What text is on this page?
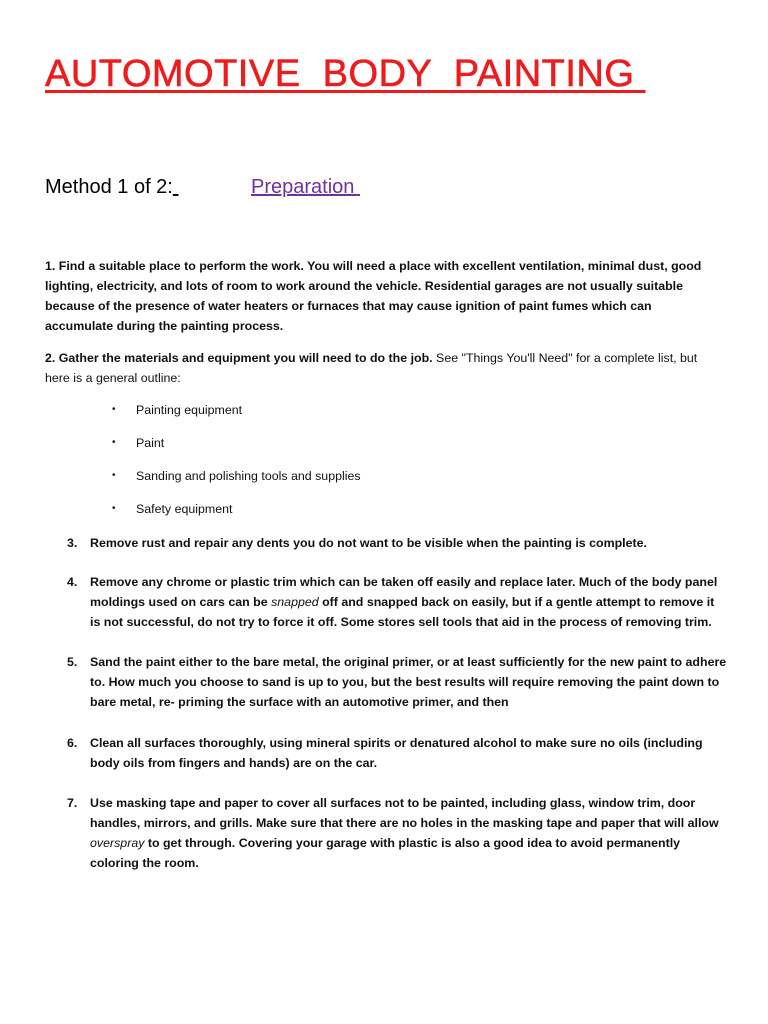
AUTOMOTIVE  BODY  PAINTING
Method 1 of 2:	Preparation

1. Find a suitable place to perform the work. You will need a place with excellent ventilation, minimal dust, good lighting, electricity, and lots of room to work around the vehicle. Residential garages are not usually suitable because of the presence of water heaters or furnaces that may cause ignition of paint fumes which can accumulate during the painting process.

2. Gather the materials and equipment you will need to do the job. See "Things You'll Need" for a complete list, but here is a general outline:

• Painting equipment
• Paint
• Sanding and polishing tools and supplies
• Safety equipment
3.	Remove rust and repair any dents you do not want to be visible when the painting is complete.
4.	Remove any chrome or plastic trim which can be taken off easily and replace later. Much of the body panel moldings used on cars can be snapped off and snapped back on easily, but if a gentle attempt to remove it is not successful, do not try to force it off. Some stores sell tools that aid in the process of removing trim.
5.	Sand the paint either to the bare metal, the original primer, or at least sufficiently for the new paint to adhere to. How much you choose to sand is up to you, but the best results will require removing the paint down to bare metal, re- priming the surface with an automotive primer, and then
6.	Clean all surfaces thoroughly, using mineral spirits or denatured alcohol to make sure no oils (including body oils from fingers and hands) are on the car.
7.	Use masking tape and paper to cover all surfaces not to be painted, including glass, window trim, door handles, mirrors, and grills. Make sure that there are no holes in the masking tape and paper that will allow overspray to get through. Covering your garage with plastic is also a good idea to avoid permanently coloring the room.
